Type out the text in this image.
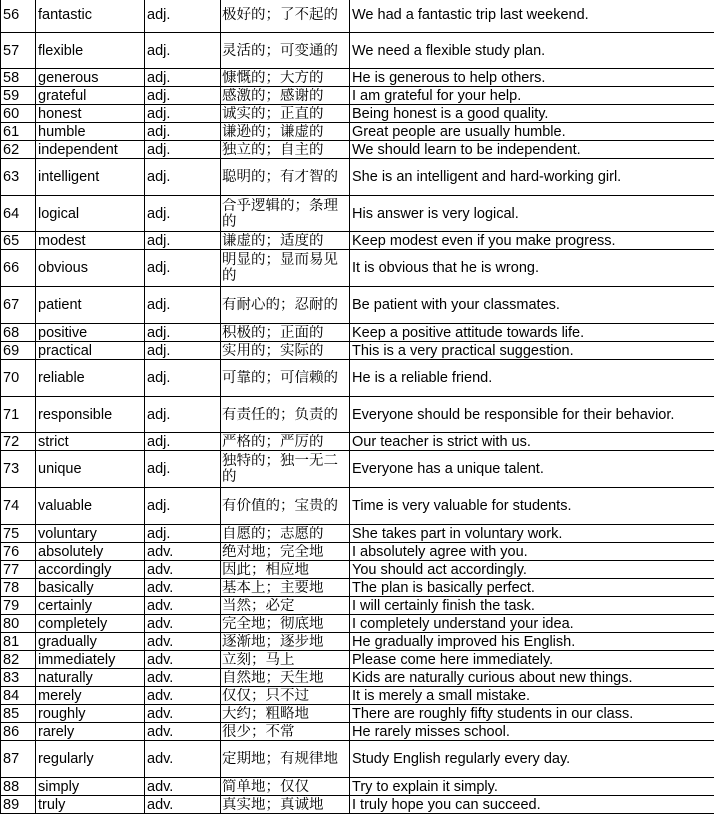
56	fantastic	adj.	极好的；了不起的	We had a fantastic trip last weekend.
57	flexible	adj.	灵活的；可变通的	We need a flexible study plan.
58	generous	adj.	慷慨的；大方的	He is generous to help others.
59	grateful	adj.	感激的；感谢的	I am grateful for your help.
60	honest	adj.	诚实的；正直的	Being honest is a good quality.
61	humble	adj.	谦逊的；谦虚的	Great people are usually humble.
62	independent	adj.	独立的；自主的	We should learn to be independent.
63	intelligent	adj.	聪明的；有才智的	She is an intelligent and hard-working girl.
64	logical	adj.	合乎逻辑的；条理的	His answer is very logical.
65	modest	adj.	谦虚的；适度的	Keep modest even if you make progress.
66	obvious	adj.	明显的；显而易见的	It is obvious that he is wrong.
67	patient	adj.	有耐心的；忍耐的	Be patient with your classmates.
68	positive	adj.	积极的；正面的	Keep a positive attitude towards life.
69	practical	adj.	实用的；实际的	This is a very practical suggestion.
70	reliable	adj.	可靠的；可信赖的	He is a reliable friend.
71	responsible	adj.	有责任的；负责的	Everyone should be responsible for their behavior.
72	strict	adj.	严格的；严厉的	Our teacher is strict with us.
73	unique	adj.	独特的；独一无二的	Everyone has a unique talent.
74	valuable	adj.	有价值的；宝贵的	Time is very valuable for students.
75	voluntary	adj.	自愿的；志愿的	She takes part in voluntary work.
76	absolutely	adv.	绝对地；完全地	I absolutely agree with you.
77	accordingly	adv.	因此；相应地	You should act accordingly.
78	basically	adv.	基本上；主要地	The plan is basically perfect.
79	certainly	adv.	当然；必定	I will certainly finish the task.
80	completely	adv.	完全地；彻底地	I completely understand your idea.
81	gradually	adv.	逐渐地；逐步地	He gradually improved his English.
82	immediately	adv.	立刻；马上	Please come here immediately.
83	naturally	adv.	自然地；天生地	Kids are naturally curious about new things.
84	merely	adv.	仅仅；只不过	It is merely a small mistake.
85	roughly	adv.	大约；粗略地	There are roughly fifty students in our class.
86	rarely	adv.	很少；不常	He rarely misses school.
87	regularly	adv.	定期地；有规律地	Study English regularly every day.
88	simply	adv.	简单地；仅仅	Try to explain it simply.
89	truly	adv.	真实地；真诚地	I truly hope you can succeed.
